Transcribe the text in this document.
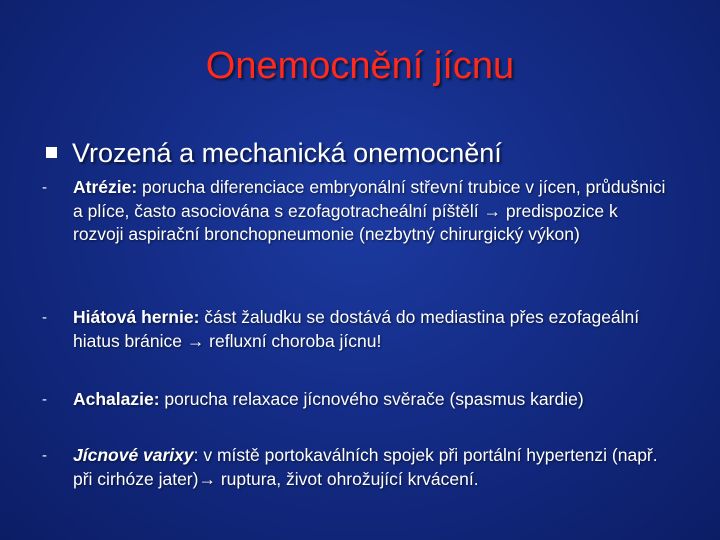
Onemocnění jícnu
Vrozená a mechanická onemocnění
- Atrézie: porucha diferenciace embryonální střevní trubice v jícen, průdušnici a plíce, často asociována s ezofagotracheální píštělí → predispozice k rozvoji aspirační bronchopneumonie (nezbytný chirurgický výkon)
- Hiátová hernie: část žaludku se dostává do mediastina přes ezofageální hiatus bránice → refluxní choroba jícnu!
- Achalazie: porucha relaxace jícnového svěrače (spasmus kardie)
- Jícnové varixy: v místě portokaválních spojek při portální hypertenzi (např. při cirhóze jater)→ ruptura, život ohrožující krvácení.
